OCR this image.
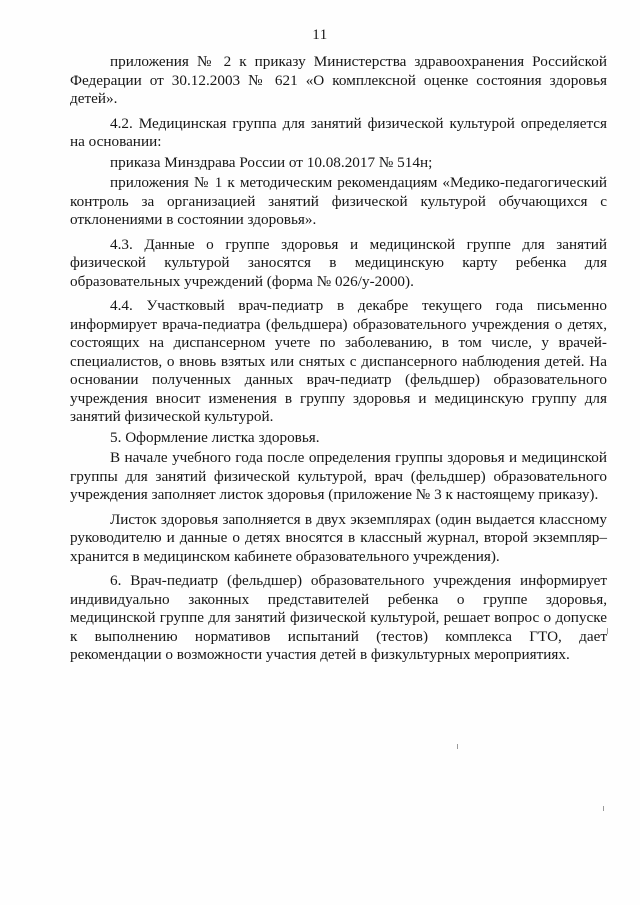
11

приложения № 2 к приказу Министерства здравоохранения Российской Федерации от 30.12.2003 № 621 «О комплексной оценке состояния здоровья детей».

4.2. Медицинская группа для занятий физической культурой определяется на основании:

приказа Минздрава России от 10.08.2017 № 514н;

приложения № 1 к методическим рекомендациям «Медико-педагогический контроль за организацией занятий физической культурой обучающихся с отклонениями в состоянии здоровья».

4.3. Данные о группе здоровья и медицинской группе для занятий физической культурой заносятся в медицинскую карту ребенка для образовательных учреждений (форма № 026/у-2000).

4.4. Участковый врач-педиатр в декабре текущего года письменно информирует врача-педиатра (фельдшера) образовательного учреждения о детях, состоящих на диспансерном учете по заболеванию, в том числе, у врачей-специалистов, о вновь взятых или снятых с диспансерного наблюдения детей. На основании полученных данных врач-педиатр (фельдшер) образовательного учреждения вносит изменения в группу здоровья и медицинскую группу для занятий физической культурой.

5. Оформление листка здоровья.

В начале учебного года после определения группы здоровья и медицинской группы для занятий физической культурой, врач (фельдшер) образовательного учреждения заполняет листок здоровья (приложение № 3 к настоящему приказу).

Листок здоровья заполняется в двух экземплярах (один выдается классному руководителю и данные о детях вносятся в классный журнал, второй экземпляр–хранится в медицинском кабинете образовательного учреждения).

6. Врач-педиатр (фельдшер) образовательного учреждения информирует индивидуально законных представителей ребенка о группе здоровья, медицинской группе для занятий физической культурой, решает вопрос о допуске к выполнению нормативов испытаний (тестов) комплекса ГТО, дает рекомендации о возможности участия детей в физкультурных мероприятиях.
